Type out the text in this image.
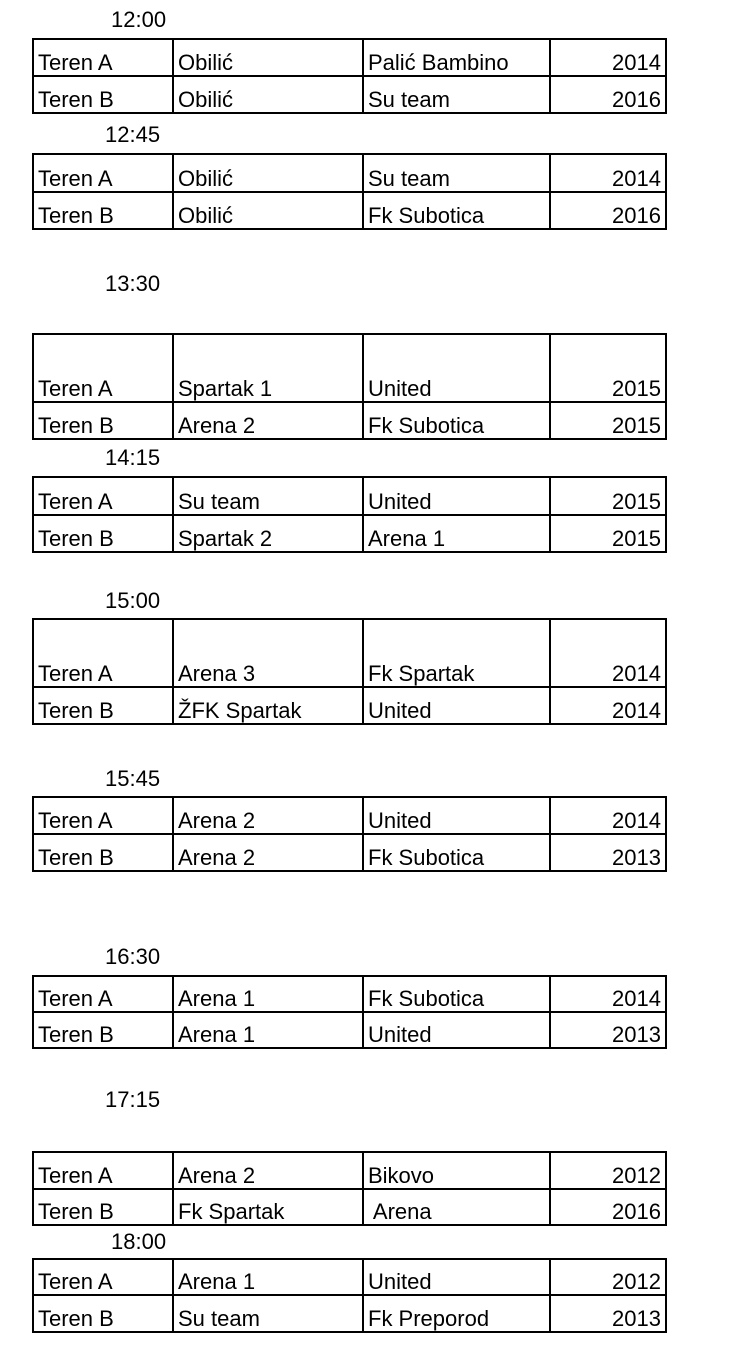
12:00
Teren A	Obilić	Palić Bambino	2014
Teren B	Obilić	Su team	2016
12:45
Teren A	Obilić	Su team	2014
Teren B	Obilić	Fk Subotica	2016
13:30
Teren A	Spartak 1	United	2015
Teren B	Arena 2	Fk Subotica	2015
14:15
Teren A	Su team	United	2015
Teren B	Spartak 2	Arena 1	2015
15:00
Teren A	Arena 3	Fk Spartak	2014
Teren B	ŽFK Spartak	United	2014
15:45
Teren A	Arena 2	United	2014
Teren B	Arena 2	Fk Subotica	2013
16:30
Teren A	Arena 1	Fk Subotica	2014
Teren B	Arena 1	United	2013
17:15
Teren A	Arena 2	Bikovo	2012
Teren B	Fk Spartak	Arena	2016
18:00
Teren A	Arena 1	United	2012
Teren B	Su team	Fk Preporod	2013
